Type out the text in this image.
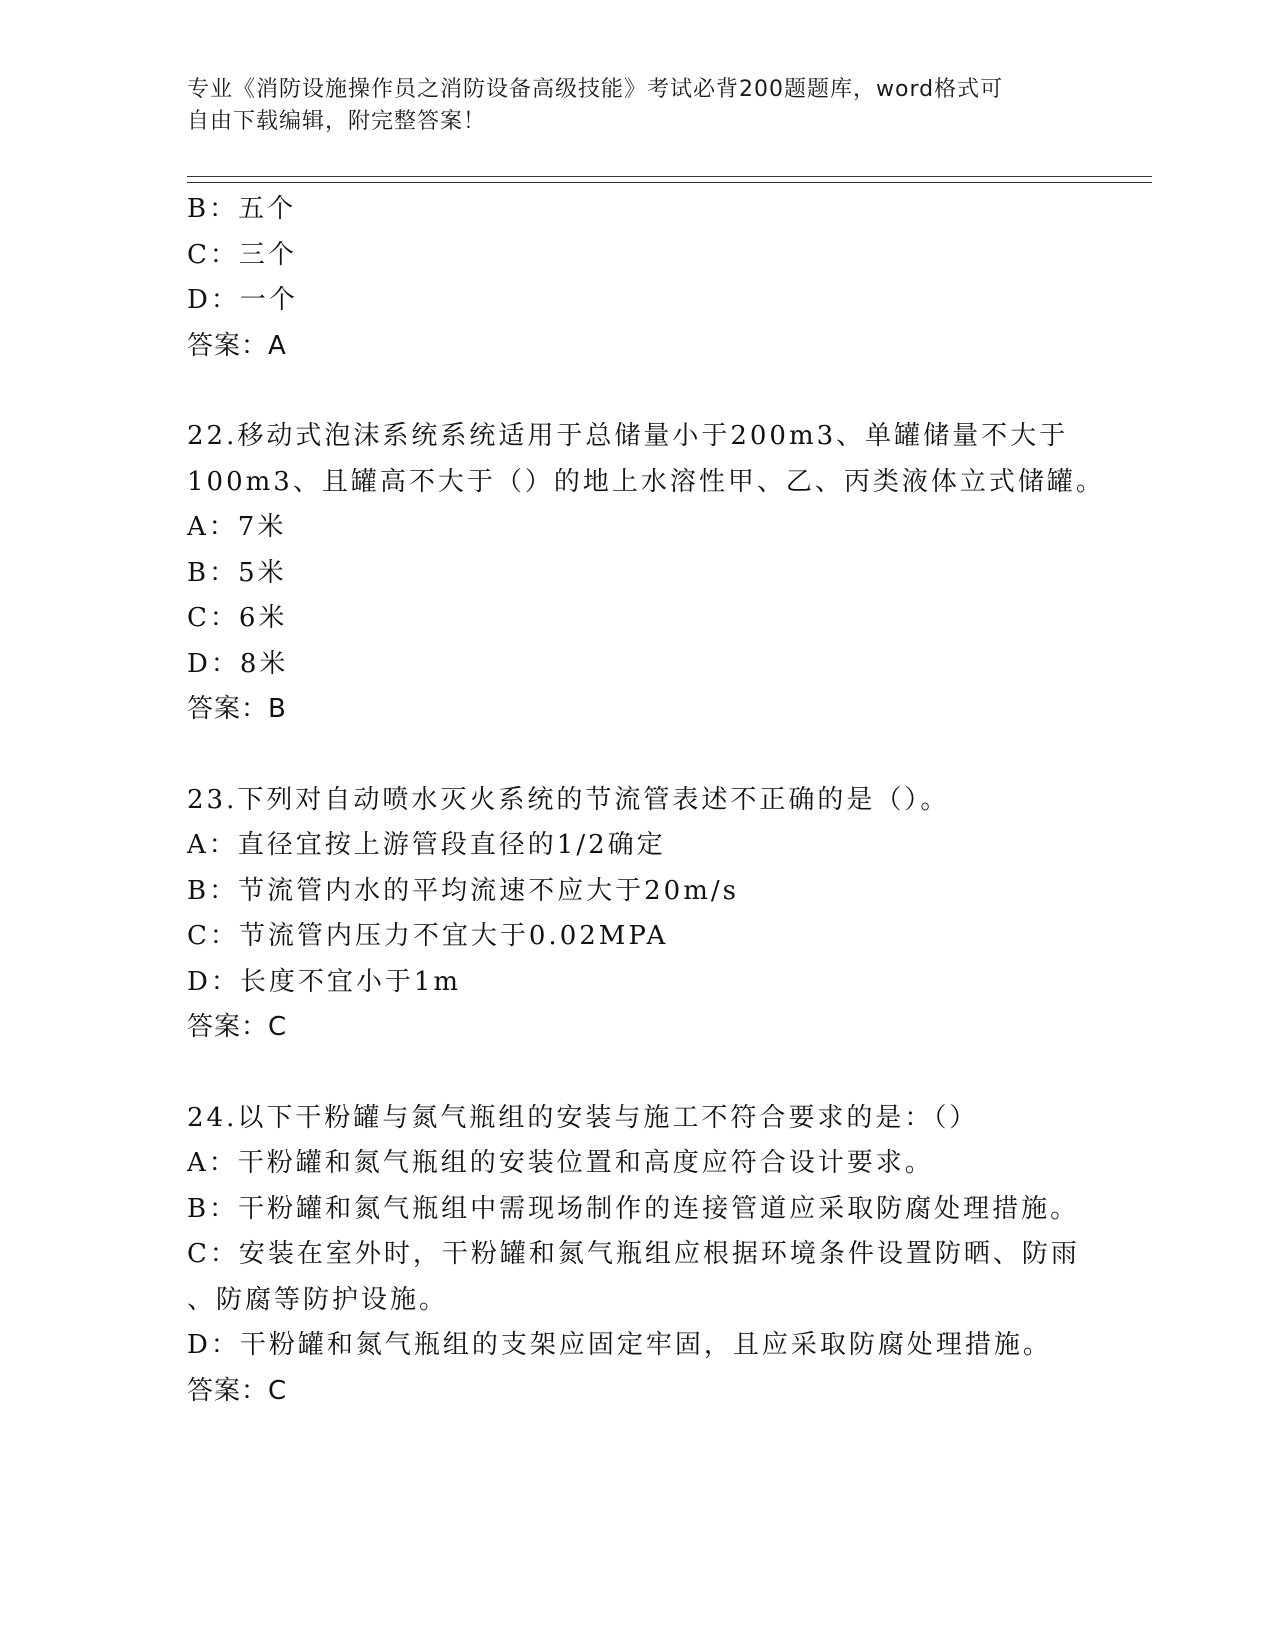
专业《消防设施操作员之消防设备高级技能》考试必背200题题库，word格式可
自由下载编辑，附完整答案！
B：五个
C：三个
D：一个
答案：A
22.移动式泡沫系统系统适用于总储量小于200m3、单罐储量不大于
100m3、且罐高不大于（）的地上水溶性甲、乙、丙类液体立式储罐。
A：7米
B：5米
C：6米
D：8米
答案：B
23.下列对自动喷水灭火系统的节流管表述不正确的是（）。
A：直径宜按上游管段直径的1/2确定
B：节流管内水的平均流速不应大于20m/s
C：节流管内压力不宜大于0.02MPA
D：长度不宜小于1m
答案：C
24.以下干粉罐与氮气瓶组的安装与施工不符合要求的是：（）
A：干粉罐和氮气瓶组的安装位置和高度应符合设计要求。
B：干粉罐和氮气瓶组中需现场制作的连接管道应采取防腐处理措施。
C：安装在室外时，干粉罐和氮气瓶组应根据环境条件设置防晒、防雨
、防腐等防护设施。
D：干粉罐和氮气瓶组的支架应固定牢固，且应采取防腐处理措施。
答案：C
